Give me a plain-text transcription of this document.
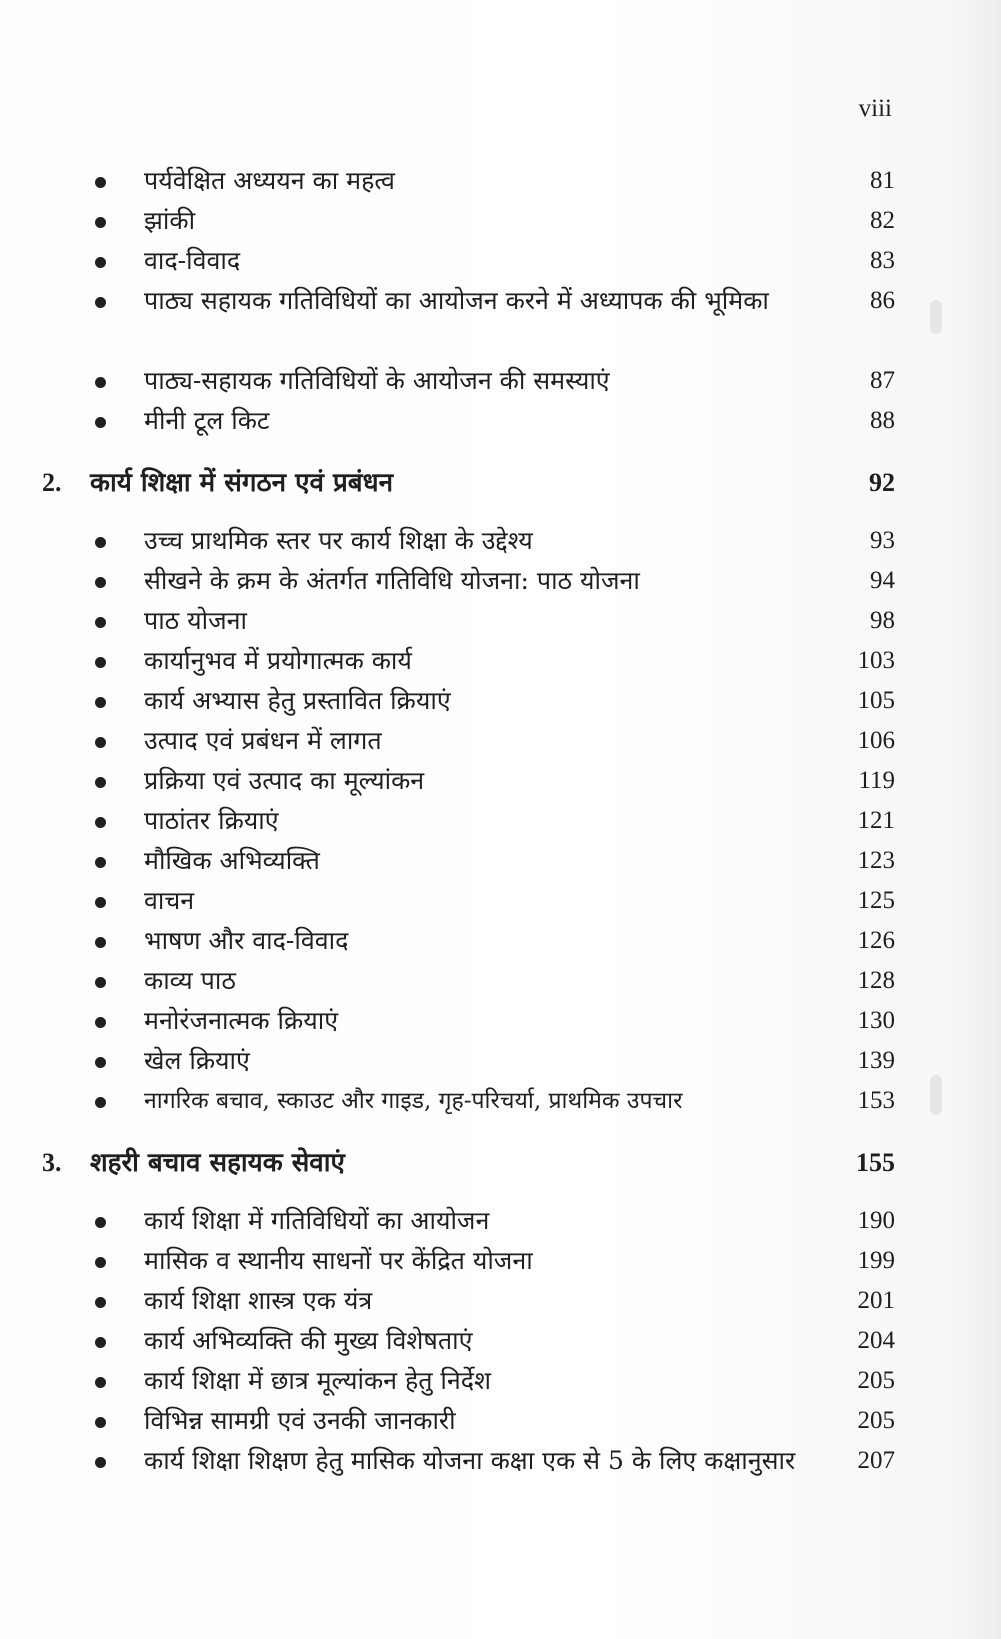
viii
पर्यवेक्षित अध्ययन का महत्व	81
झांकी	82
वाद-विवाद	83
पाठ्य सहायक गतिविधियों का आयोजन करने में अध्यापक की भूमिका	86
पाठ्य-सहायक गतिविधियों के आयोजन की समस्याएं	87
मीनी टूल किट	88
2. कार्य शिक्षा में संगठन एवं प्रबंधन	92
उच्च प्राथमिक स्तर पर कार्य शिक्षा के उद्देश्य	93
सीखने के क्रम के अंतर्गत गतिविधि योजना: पाठ योजना	94
पाठ योजना	98
कार्यानुभव में प्रयोगात्मक कार्य	103
कार्य अभ्यास हेतु प्रस्तावित क्रियाएं	105
उत्पाद एवं प्रबंधन में लागत	106
प्रक्रिया एवं उत्पाद का मूल्यांकन	119
पाठांतर क्रियाएं	121
मौखिक अभिव्यक्ति	123
वाचन	125
भाषण और वाद-विवाद	126
काव्य पाठ	128
मनोरंजनात्मक क्रियाएं	130
खेल क्रियाएं	139
नागरिक बचाव, स्काउट और गाइड, गृह-परिचर्या, प्राथमिक उपचार	153
3. शहरी बचाव सहायक सेवाएं	155
कार्य शिक्षा में गतिविधियों का आयोजन	190
मासिक व स्थानीय साधनों पर केंद्रित योजना	199
कार्य शिक्षा शास्त्र एक यंत्र	201
कार्य अभिव्यक्ति की मुख्य विशेषताएं	204
कार्य शिक्षा में छात्र मूल्यांकन हेतु निर्देश	205
विभिन्न सामग्री एवं उनकी जानकारी	205
कार्य शिक्षा शिक्षण हेतु मासिक योजना कक्षा एक से 5 के लिए कक्षानुसार	207
